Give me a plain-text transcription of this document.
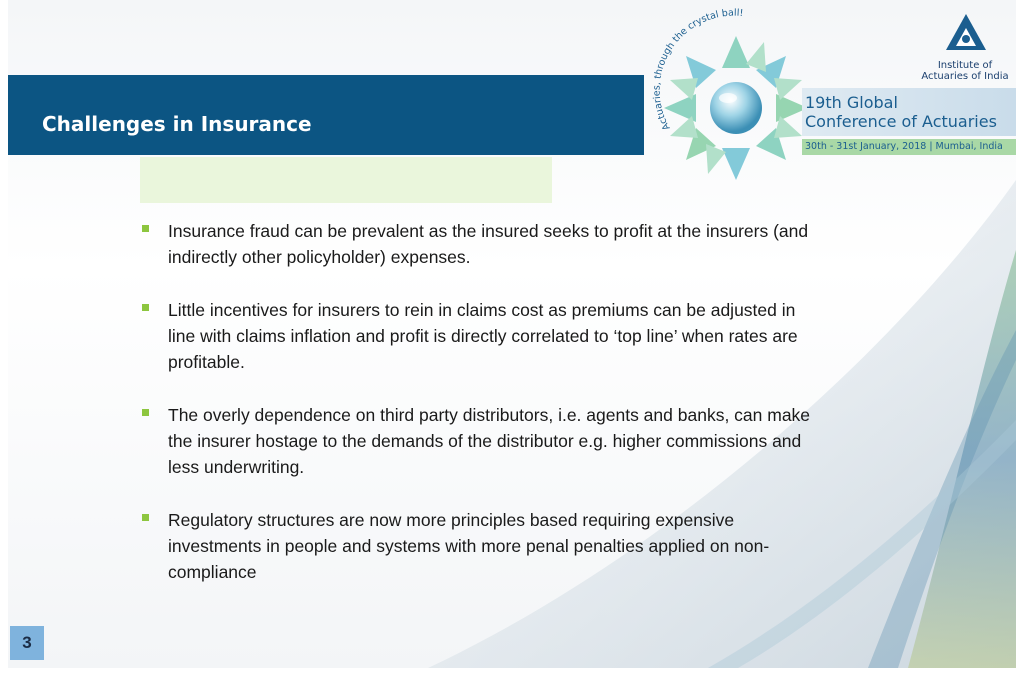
Actuaries, through the crystal ball!
Institute of
Actuaries of India
Challenges in Insurance
19th Global
Conference of Actuaries
30th - 31st January, 2018 | Mumbai, India
Insurance fraud can be prevalent as the insured seeks to profit at the insurers (and indirectly other policyholder) expenses.
Little incentives for insurers to rein in claims cost as premiums can be adjusted in line with claims inflation and profit is directly correlated to ‘top line’ when rates are profitable.
The overly dependence on third party distributors, i.e. agents and banks, can make the insurer hostage to the demands of the distributor e.g. higher commissions and less underwriting.
Regulatory structures are now more principles based requiring expensive investments in people and systems with more penal penalties applied on non-compliance
3
